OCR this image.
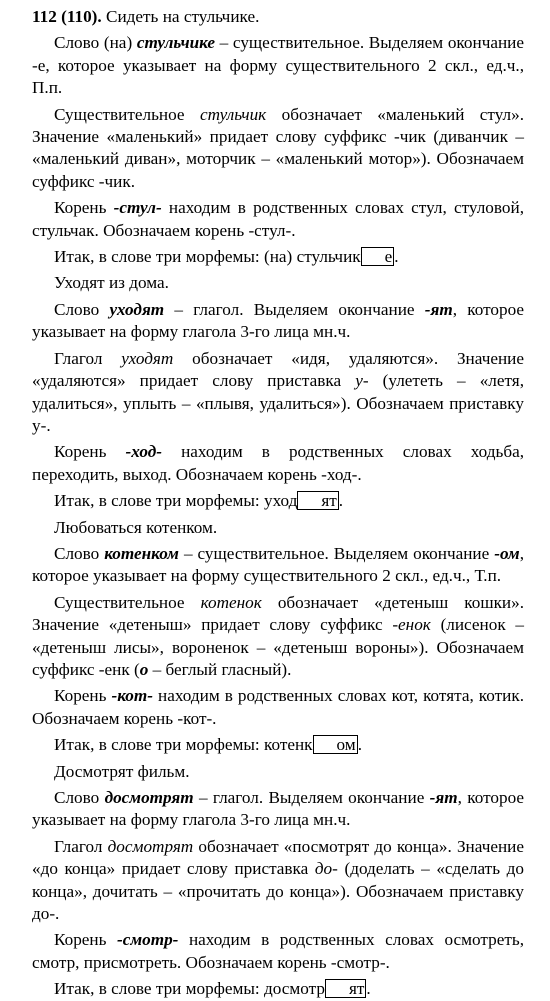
112 (110). Сидеть на стульчике.

Слово (на) стульчике – существительное. Выделяем окончание -е, которое указывает на форму существительного 2 скл., ед.ч., П.п.

Существительное стульчик обозначает «маленький стул». Значение «маленький» придает слову суффикс -чик (диванчик – «маленький диван», моторчик – «маленький мотор»). Обозначаем суффикс -чик.

Корень -стул- находим в родственных словах стул, стуловой, стульчак. Обозначаем корень -стул-.

Итак, в слове три морфемы: (на) стульчик е .

Уходят из дома.

Слово уходят – глагол. Выделяем окончание -ят, которое указывает на форму глагола 3-го лица мн.ч.

Глагол уходят обозначает «идя, удаляются». Значение «удаляются» придает слову приставка у- (улететь – «летя, удалиться», уплыть – «плывя, удалиться»). Обозначаем приставку у-.

Корень -ход- находим в родственных словах ходьба, переходить, выход. Обозначаем корень -ход-.

Итак, в слове три морфемы: уход ят .

Любоваться котенком.

Слово котенком – существительное. Выделяем окончание -ом, которое указывает на форму существительного 2 скл., ед.ч., Т.п.

Существительное котенок обозначает «детеныш кошки». Значение «детеныш» придает слову суффикс -енок (лисенок – «детеныш лисы», вороненок – «детеныш вороны»). Обозначаем суффикс -енк (о – беглый гласный).

Корень -кот- находим в родственных словах кот, котята, котик. Обозначаем корень -кот-.

Итак, в слове три морфемы: котенк ом .

Досмотрят фильм.

Слово досмотрят – глагол. Выделяем окончание -ят, которое указывает на форму глагола 3-го лица мн.ч.

Глагол досмотрят обозначает «посмотрят до конца». Значение «до конца» придает слову приставка до- (доделать – «сделать до конца», дочитать – «прочитать до конца»). Обозначаем приставку до-.

Корень -смотр- находим в родственных словах осмотреть, смотр, присмотреть. Обозначаем корень -смотр-.

Итак, в слове три морфемы: досмотр ят .
